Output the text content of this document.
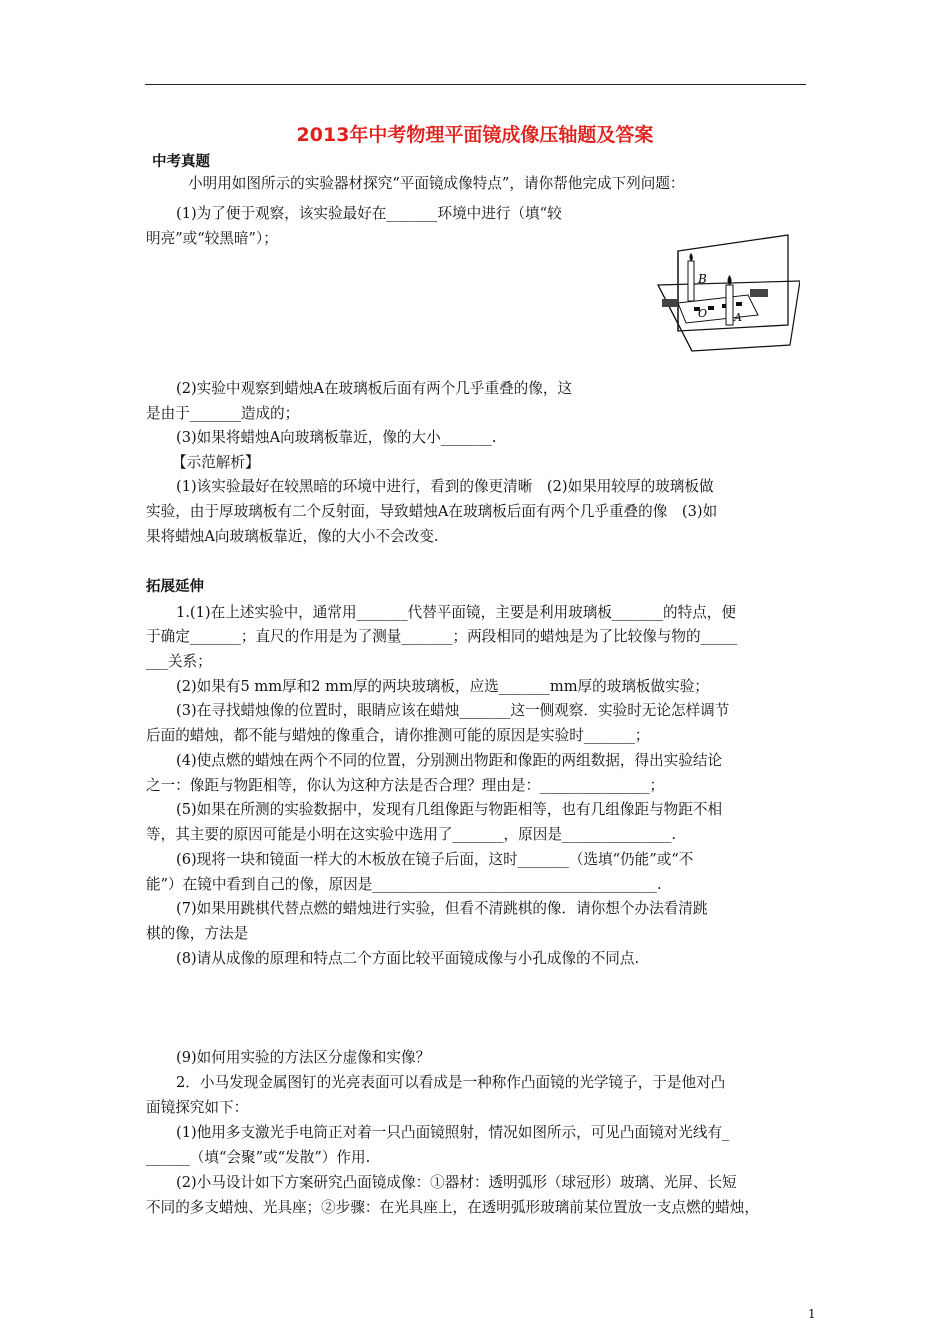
2013年中考物理平面镜成像压轴题及答案
中考真题
小明用如图所示的实验器材探究“平面镜成像特点”，请你帮他完成下列问题：
(1)为了便于观察，该实验最好在_______环境中进行（填“较
明亮”或“较黑暗”）；
B
O A
(2)实验中观察到蜡烛A在玻璃板后面有两个几乎重叠的像，这
是由于_______造成的；
(3)如果将蜡烛A向玻璃板靠近，像的大小_______.
【示范解析】
(1)该实验最好在较黑暗的环境中进行，看到的像更清晰　(2)如果用较厚的玻璃板做
实验，由于厚玻璃板有二个反射面，导致蜡烛A在玻璃板后面有两个几乎重叠的像　(3)如
果将蜡烛A向玻璃板靠近，像的大小不会改变.
拓展延伸
1.(1)在上述实验中，通常用_______代替平面镜，主要是利用玻璃板_______的特点，便
于确定_______；直尺的作用是为了测量_______；两段相同的蜡烛是为了比较像与物的_____
___关系；
(2)如果有5 mm厚和2 mm厚的两块玻璃板，应选_______mm厚的玻璃板做实验；
(3)在寻找蜡烛像的位置时，眼睛应该在蜡烛_______这一侧观察．实验时无论怎样调节
后面的蜡烛，都不能与蜡烛的像重合，请你推测可能的原因是实验时_______；
(4)使点燃的蜡烛在两个不同的位置，分别测出物距和像距的两组数据，得出实验结论
之一：像距与物距相等，你认为这种方法是否合理？理由是：_______________；
(5)如果在所测的实验数据中，发现有几组像距与物距相等，也有几组像距与物距不相
等，其主要的原因可能是小明在这实验中选用了_______，原因是_______________.
(6)现将一块和镜面一样大的木板放在镜子后面，这时_______（选填“仍能”或“不
能”）在镜中看到自己的像，原因是_______________________________________.
(7)如果用跳棋代替点燃的蜡烛进行实验，但看不清跳棋的像．请你想个办法看清跳
棋的像，方法是
(8)请从成像的原理和特点二个方面比较平面镜成像与小孔成像的不同点.
(9)如何用实验的方法区分虚像和实像？
2．小马发现金属图钉的光亮表面可以看成是一种称作凸面镜的光学镜子，于是他对凸
面镜探究如下：
(1)他用多支激光手电筒正对着一只凸面镜照射，情况如图所示，可见凸面镜对光线有_
______（填“会聚”或“发散”）作用.
(2)小马设计如下方案研究凸面镜成像：①器材：透明弧形（球冠形）玻璃、光屏、长短
不同的多支蜡烛、光具座；②步骤：在光具座上，在透明弧形玻璃前某位置放一支点燃的蜡烛，
1
